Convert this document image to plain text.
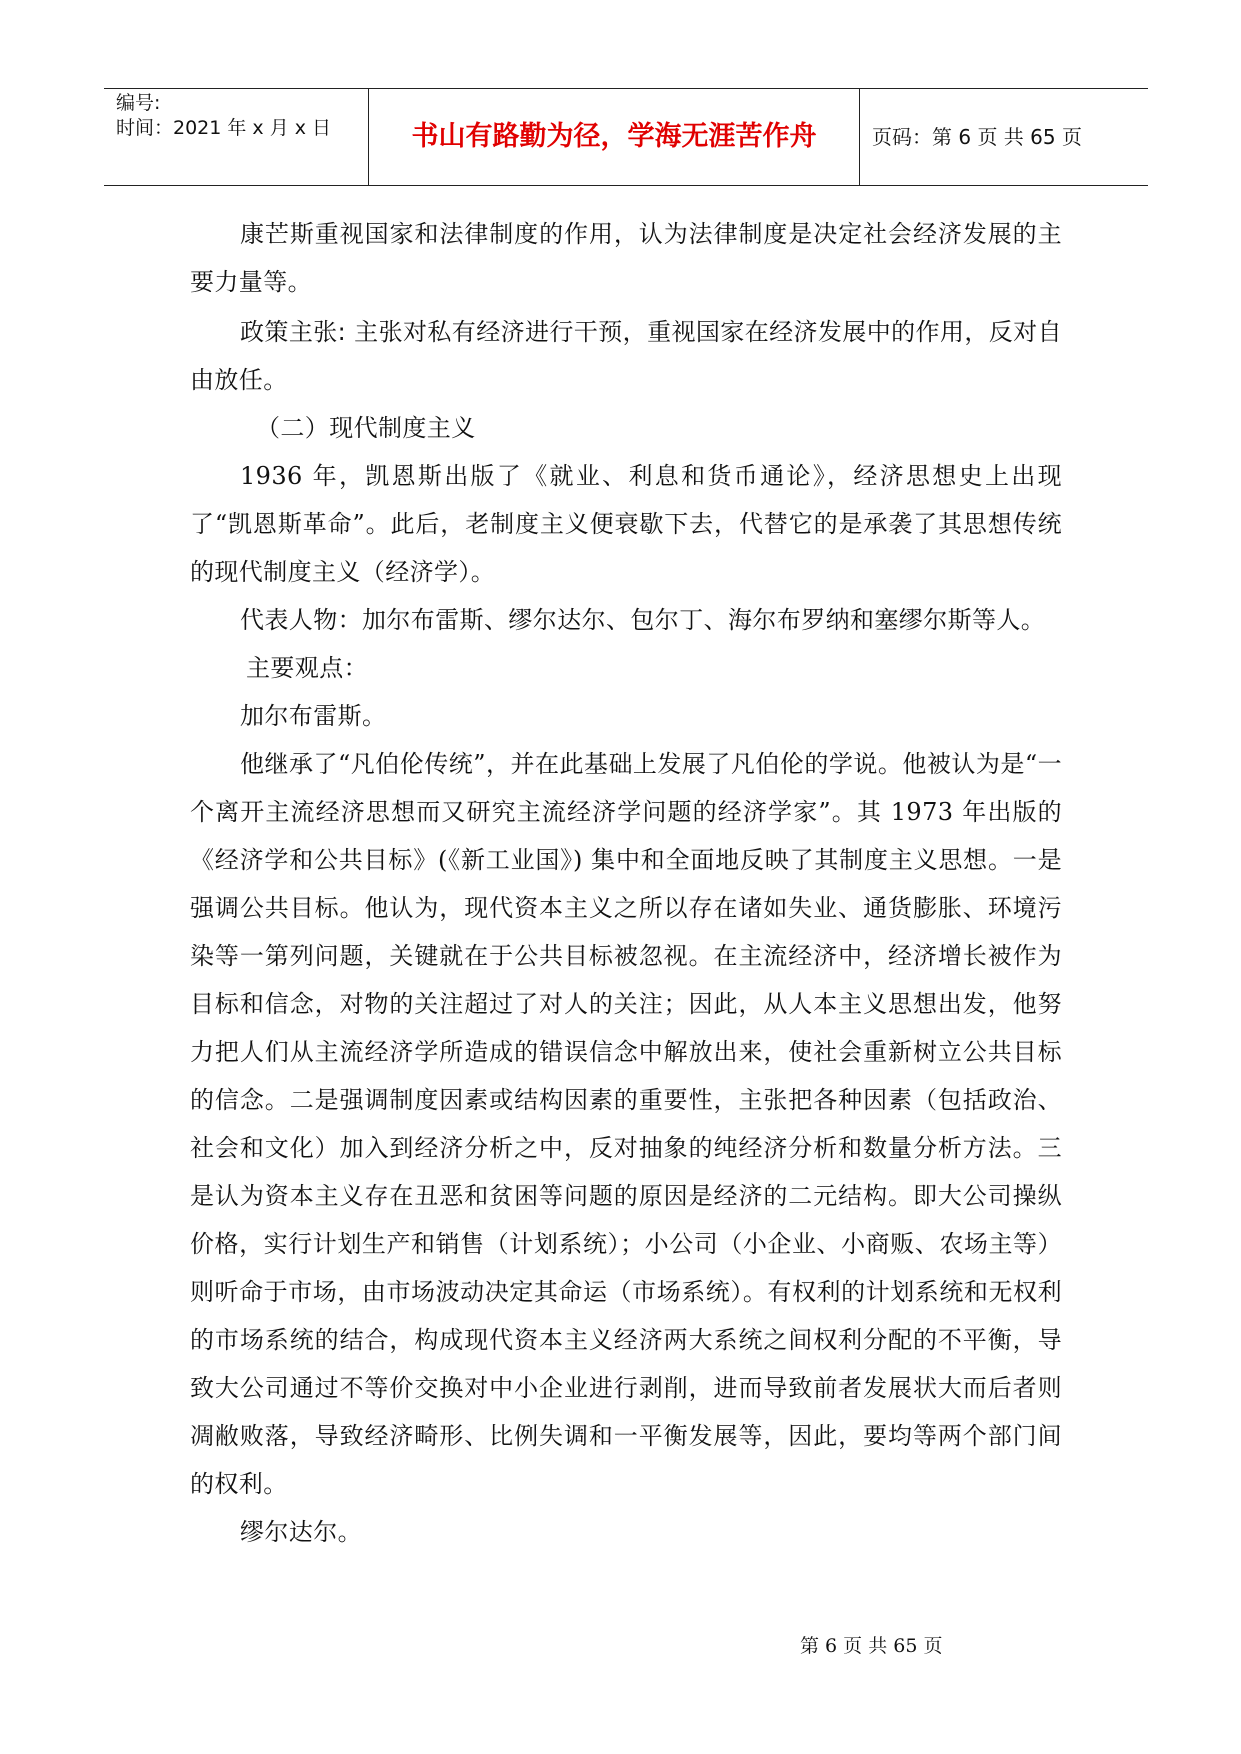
编号:
时间：2021 年 x 月 x 日	书山有路勤为径，学海无涯苦作舟	页码：第 6 页 共 65 页

康芒斯重视国家和法律制度的作用，认为法律制度是决定社会经济发展的主要力量等。

政策主张: 主张对私有经济进行干预，重视国家在经济发展中的作用，反对自由放任。

（二）现代制度主义

1936 年，凯恩斯出版了《就业、利息和货币通论》，经济思想史上出现了“凯恩斯革命”。此后，老制度主义便衰歇下去，代替它的是承袭了其思想传统的现代制度主义（经济学）。

代表人物：加尔布雷斯、缪尔达尔、包尔丁、海尔布罗纳和塞缪尔斯等人。

主要观点：

加尔布雷斯。

他继承了“凡伯伦传统”，并在此基础上发展了凡伯伦的学说。他被认为是“一个离开主流经济思想而又研究主流经济学问题的经济学家”。其 1973 年出版的《经济学和公共目标》(《新工业国》) 集中和全面地反映了其制度主义思想。一是强调公共目标。他认为，现代资本主义之所以存在诸如失业、通货膨胀、环境污染等一第列问题，关键就在于公共目标被忽视。在主流经济中，经济增长被作为目标和信念，对物的关注超过了对人的关注；因此，从人本主义思想出发，他努力把人们从主流经济学所造成的错误信念中解放出来，使社会重新树立公共目标的信念。二是强调制度因素或结构因素的重要性，主张把各种因素（包括政治、社会和文化）加入到经济分析之中，反对抽象的纯经济分析和数量分析方法。三是认为资本主义存在丑恶和贫困等问题的原因是经济的二元结构。即大公司操纵价格，实行计划生产和销售（计划系统）；小公司（小企业、小商贩、农场主等）则听命于市场，由市场波动决定其命运（市场系统）。有权利的计划系统和无权利的市场系统的结合，构成现代资本主义经济两大系统之间权利分配的不平衡，导致大公司通过不等价交换对中小企业进行剥削，进而导致前者发展状大而后者则凋敝败落，导致经济畸形、比例失调和一平衡发展等，因此，要均等两个部门间的权利。

缪尔达尔。

第 6 页 共 65 页
